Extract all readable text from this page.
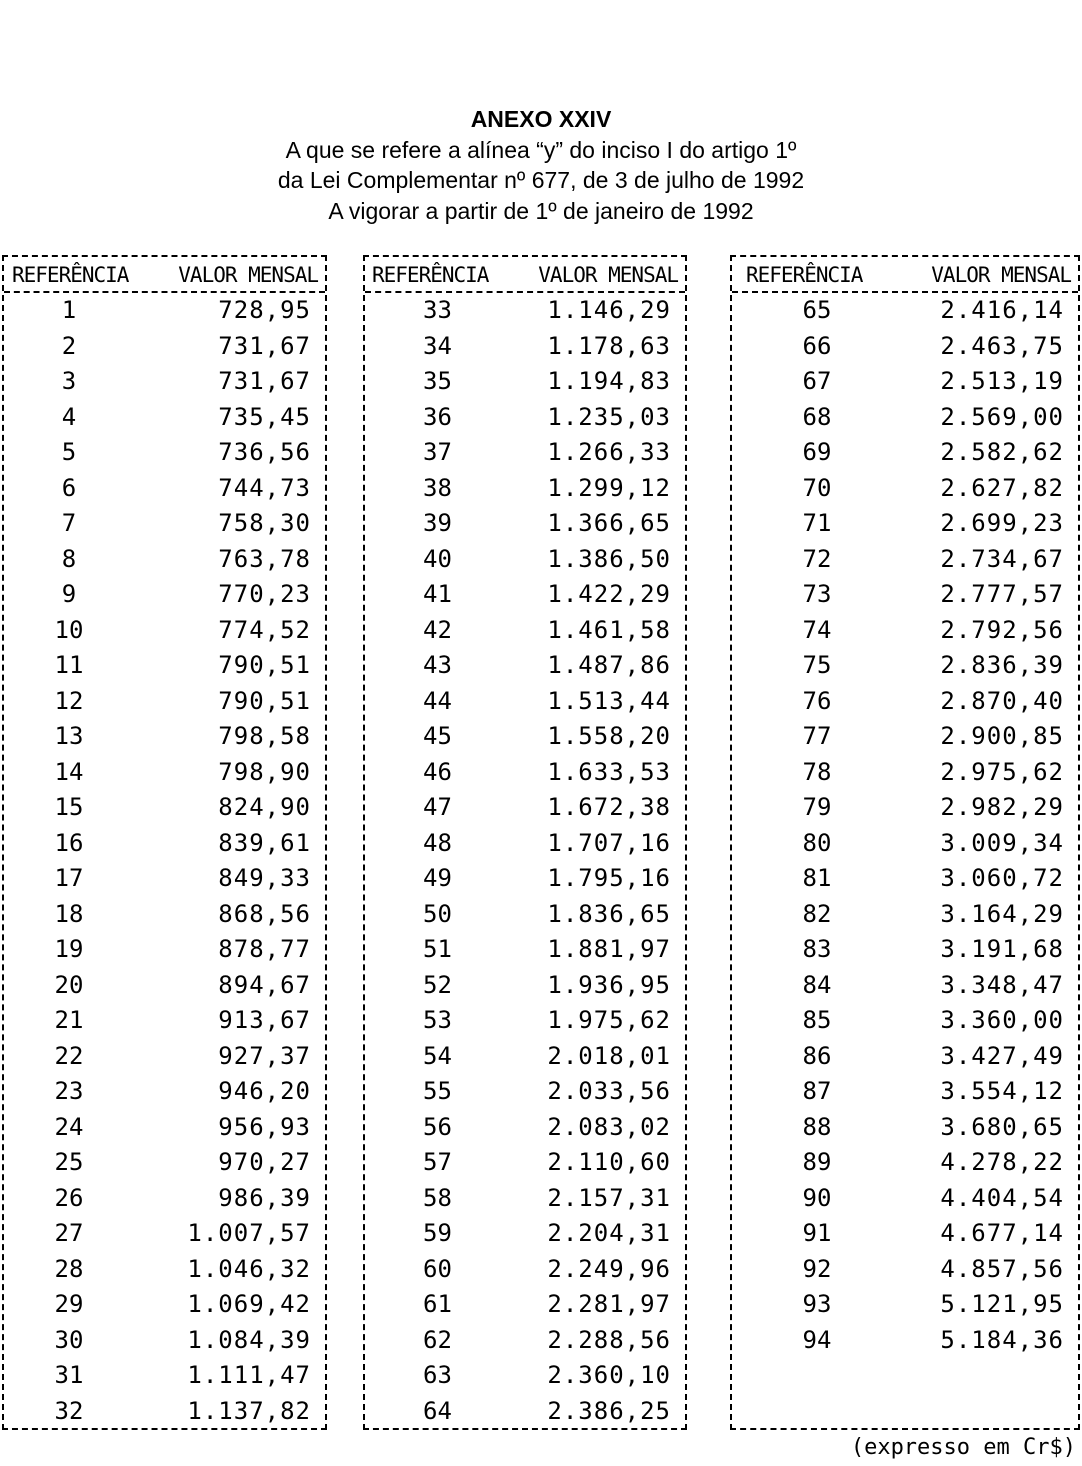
ANEXO XXIV
A que se refere a alínea “y” do inciso I do artigo 1º
da Lei Complementar nº 677, de 3 de julho de 1992
A vigorar a partir de 1º de janeiro de 1992
REFERÊNCIA VALOR MENSAL
1	728,95
2	731,67
3	731,67
4	735,45
5	736,56
6	744,73
7	758,30
8	763,78
9	770,23
10	774,52
11	790,51
12	790,51
13	798,58
14	798,90
15	824,90
16	839,61
17	849,33
18	868,56
19	878,77
20	894,67
21	913,67
22	927,37
23	946,20
24	956,93
25	970,27
26	986,39
27	1.007,57
28	1.046,32
29	1.069,42
30	1.084,39
31	1.111,47
32	1.137,82
REFERÊNCIA VALOR MENSAL
33	1.146,29
34	1.178,63
35	1.194,83
36	1.235,03
37	1.266,33
38	1.299,12
39	1.366,65
40	1.386,50
41	1.422,29
42	1.461,58
43	1.487,86
44	1.513,44
45	1.558,20
46	1.633,53
47	1.672,38
48	1.707,16
49	1.795,16
50	1.836,65
51	1.881,97
52	1.936,95
53	1.975,62
54	2.018,01
55	2.033,56
56	2.083,02
57	2.110,60
58	2.157,31
59	2.204,31
60	2.249,96
61	2.281,97
62	2.288,56
63	2.360,10
64	2.386,25
REFERÊNCIA	VALOR MENSAL
65	2.416,14
66	2.463,75
67	2.513,19
68	2.569,00
69	2.582,62
70	2.627,82
71	2.699,23
72	2.734,67
73	2.777,57
74	2.792,56
75	2.836,39
76	2.870,40
77	2.900,85
78	2.975,62
79	2.982,29
80	3.009,34
81	3.060,72
82	3.164,29
83	3.191,68
84	3.348,47
85	3.360,00
86	3.427,49
87	3.554,12
88	3.680,65
89	4.278,22
90	4.404,54
91	4.677,14
92	4.857,56
93	5.121,95
94	5.184,36
(expresso em Cr$)
